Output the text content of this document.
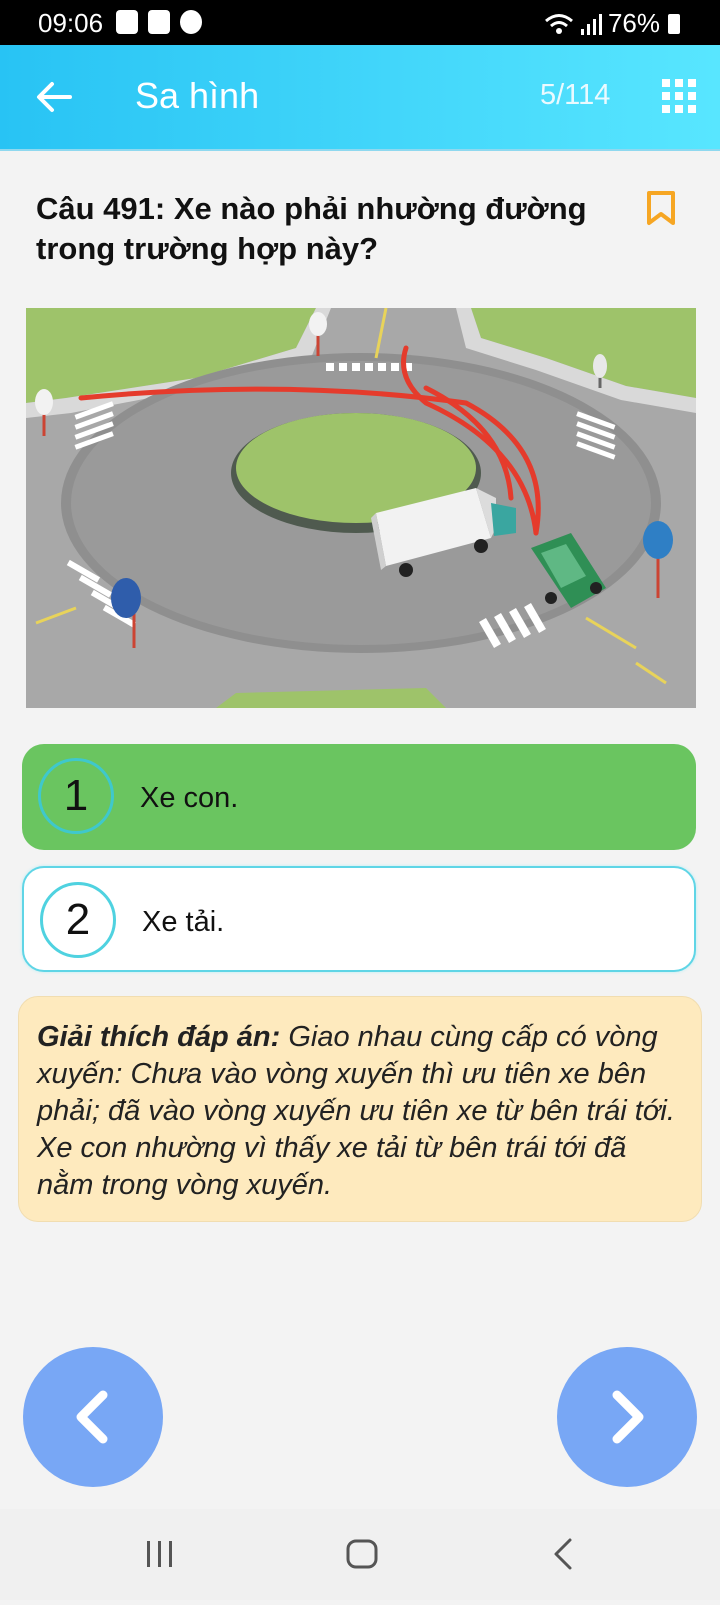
09:06	76%
Sa hình	5/114
Câu 491: Xe nào phải nhường đường trong trường hợp này?
1	Xe con.
2	Xe tải.
Giải thích đáp án: Giao nhau cùng cấp có vòng xuyến: Chưa vào vòng xuyến thì ưu tiên xe bên phải; đã vào vòng xuyến ưu tiên xe từ bên trái tới. Xe con nhường vì thấy xe tải từ bên trái tới đã nằm trong vòng xuyến.
